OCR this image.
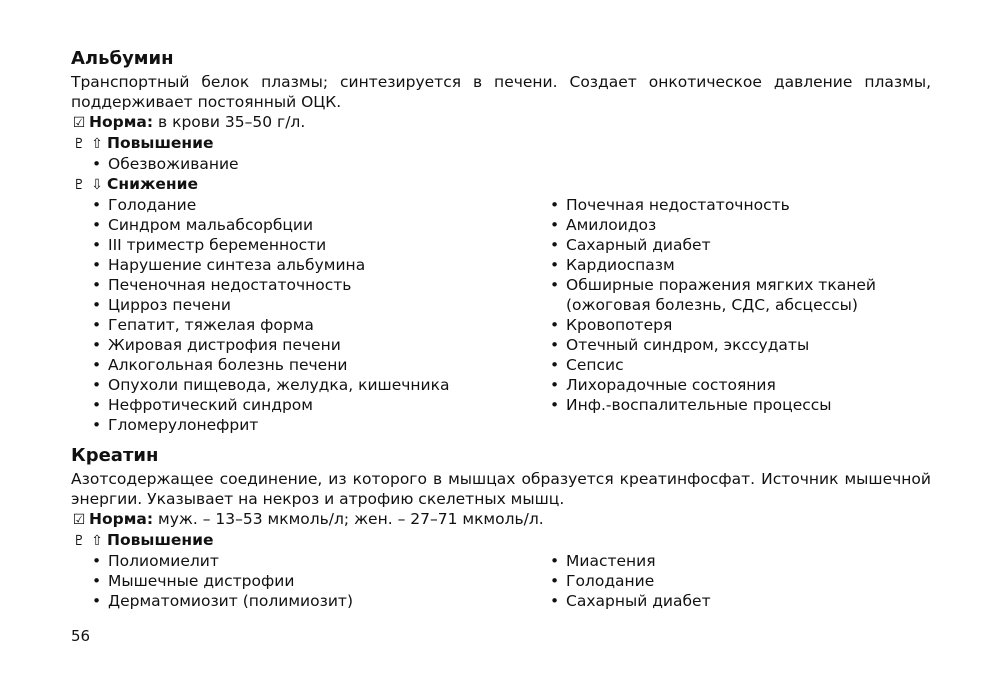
Альбумин

Транспортный белок плазмы; синтезируется в печени. Создает онкотическое давление плазмы, поддерживает постоянный ОЦК.

☑ Норма: в крови 35–50 г/л.
♇ ⇧ Повышение
• Обезвоживание
♇ ⇩ Снижение
• Голодание
• Синдром мальабсорбции
• III триместр беременности
• Нарушение синтеза альбумина
• Печеночная недостаточность
• Цирроз печени
• Гепатит, тяжелая форма
• Жировая дистрофия печени
• Алкогольная болезнь печени
• Опухоли пищевода, желудка, кишечника
• Нефротический синдром
• Гломерулонефрит
• Почечная недостаточность
• Амилоидоз
• Сахарный диабет
• Кардиоспазм
• Обширные поражения мягких тканей (ожоговая болезнь, СДС, абсцессы)
• Кровопотеря
• Отечный синдром, экссудаты
• Сепсис
• Лихорадочные состояния
• Инф.-воспалительные процессы
Креатин

Азотсодержащее соединение, из которого в мышцах образуется креатинфосфат. Источник мышечной энергии. Указывает на некроз и атрофию скелетных мышц.

☑ Норма: муж. – 13–53 мкмоль/л; жен. – 27–71 мкмоль/л.
♇ ⇧ Повышение
• Полиомиелит
• Мышечные дистрофии
• Дерматомиозит (полимиозит)
• Миастения
• Голодание
• Сахарный диабет
56
